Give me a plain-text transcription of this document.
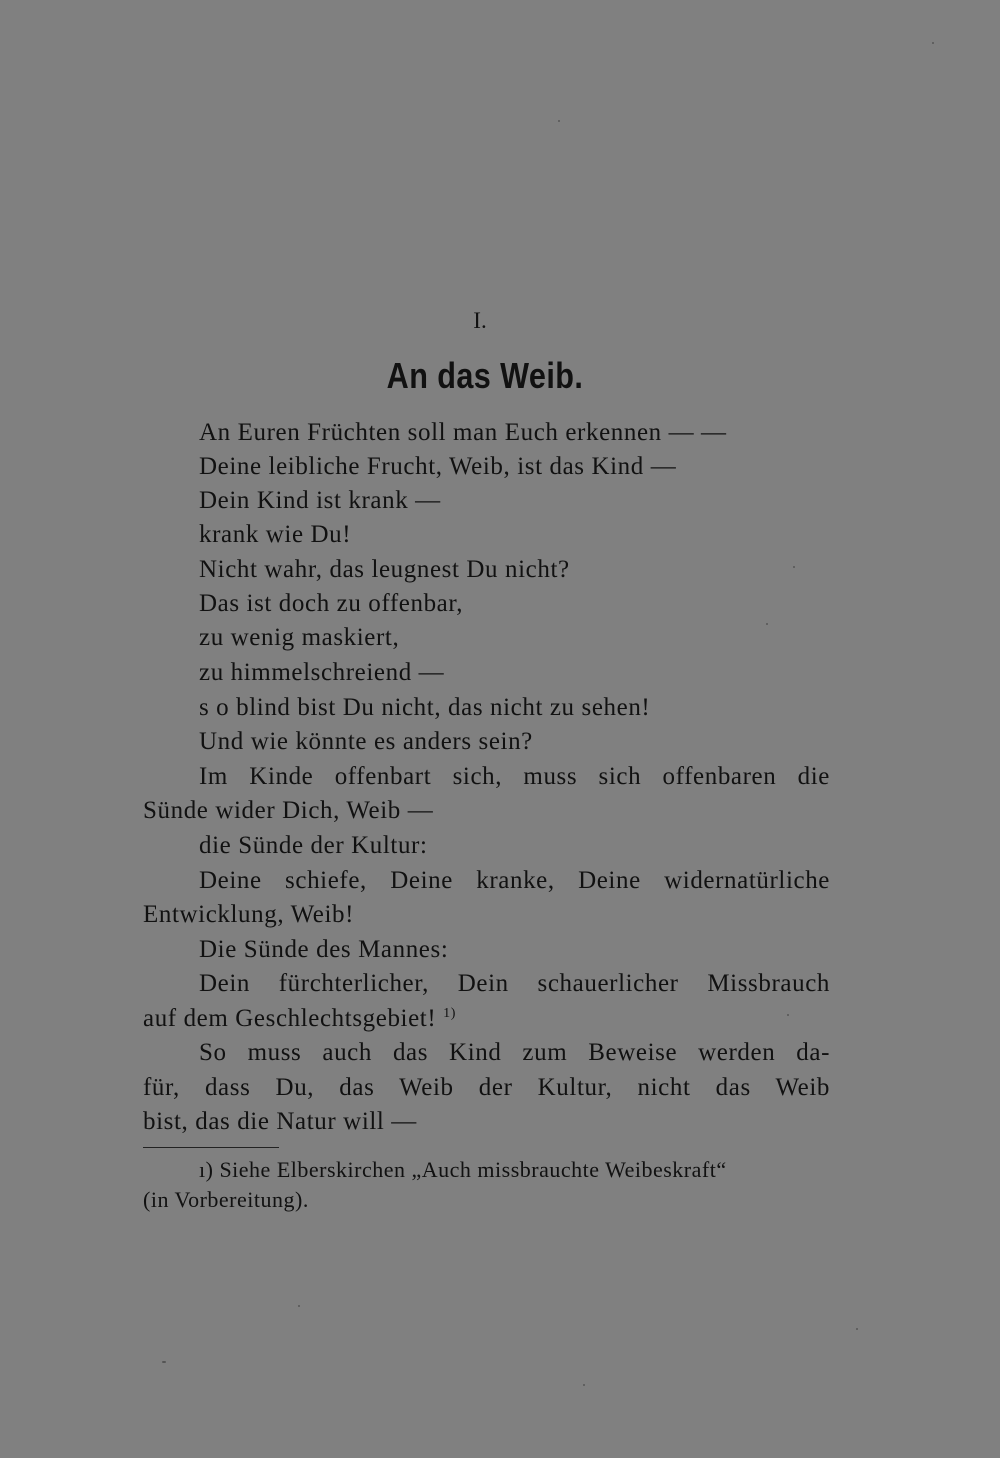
I.
An das Weib.
An Euren Früchten soll man Euch erkennen — —
Deine leibliche Frucht, Weib, ist das Kind —
Dein Kind ist krank —
krank wie Du!
Nicht wahr, das leugnest Du nicht?
Das ist doch zu offenbar,
zu wenig maskiert,
zu himmelschreiend —
s o blind bist Du nicht, das nicht zu sehen!
Und wie könnte es anders sein?
Im Kinde offenbart sich, muss sich offenbaren die
Sünde wider Dich, Weib —
die Sünde der Kultur:
Deine schiefe, Deine kranke, Deine widernatürliche
Entwicklung, Weib!
Die Sünde des Mannes:
Dein fürchterlicher, Dein schauerlicher Missbrauch
auf dem Geschlechtsgebiet! $^{1)}$
So muss auch das Kind zum Beweise werden da-
für, dass Du, das Weib der Kultur, nicht das Weib
bist, das die Natur will —
ı) Siehe Elberskirchen „Auch missbrauchte Weibeskraft“
(in Vorbereitung).
